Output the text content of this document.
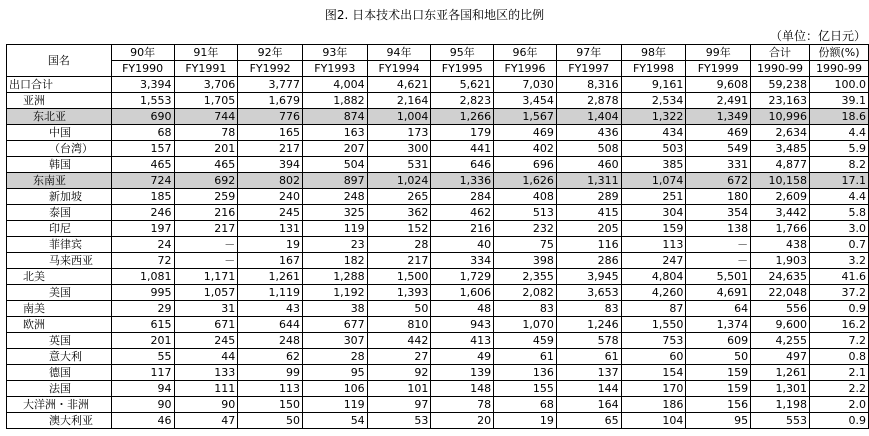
图2. 日本技术出口东亚各国和地区的比例
（单位：亿日元）
国名	90年	91年	92年	93年	94年	95年	96年	97年	98年	99年	合计	份额(%)
	FY1990	FY1991	FY1992	FY1993	FY1994	FY1995	FY1996	FY1997	FY1998	FY1999	1990-99	1990-99
出口合计	3,394	3,706	3,777	4,004	4,621	5,621	7,030	8,316	9,161	9,608	59,238	100.0
亚洲	1,553	1,705	1,679	1,882	2,164	2,823	3,454	2,878	2,534	2,491	23,163	39.1
东北亚	690	744	776	874	1,004	1,266	1,567	1,404	1,322	1,349	10,996	18.6
中国	68	78	165	163	173	179	469	436	434	469	2,634	4.4
（台湾）	157	201	217	207	300	441	402	508	503	549	3,485	5.9
韩国	465	465	394	504	531	646	696	460	385	331	4,877	8.2
东南亚	724	692	802	897	1,024	1,336	1,626	1,311	1,074	672	10,158	17.1
新加坡	185	259	240	248	265	284	408	289	251	180	2,609	4.4
泰国	246	216	245	325	362	462	513	415	304	354	3,442	5.8
印尼	197	217	131	119	152	216	232	205	159	138	1,766	3.0
菲律宾	24	－	19	23	28	40	75	116	113	－	438	0.7
马来西亚	72	－	167	182	217	334	398	286	247	－	1,903	3.2
北美	1,081	1,171	1,261	1,288	1,500	1,729	2,355	3,945	4,804	5,501	24,635	41.6
美国	995	1,057	1,119	1,192	1,393	1,606	2,082	3,653	4,260	4,691	22,048	37.2
南美	29	31	43	38	50	48	83	83	87	64	556	0.9
欧洲	615	671	644	677	810	943	1,070	1,246	1,550	1,374	9,600	16.2
英国	201	245	248	307	442	413	459	578	753	609	4,255	7.2
意大利	55	44	62	28	27	49	61	61	60	50	497	0.8
德国	117	133	99	95	92	139	136	137	154	159	1,261	2.1
法国	94	111	113	106	101	148	155	144	170	159	1,301	2.2
大洋洲・非洲	90	90	150	119	97	78	68	164	186	156	1,198	2.0
澳大利亚	46	47	50	54	53	20	19	65	104	95	553	0.9
